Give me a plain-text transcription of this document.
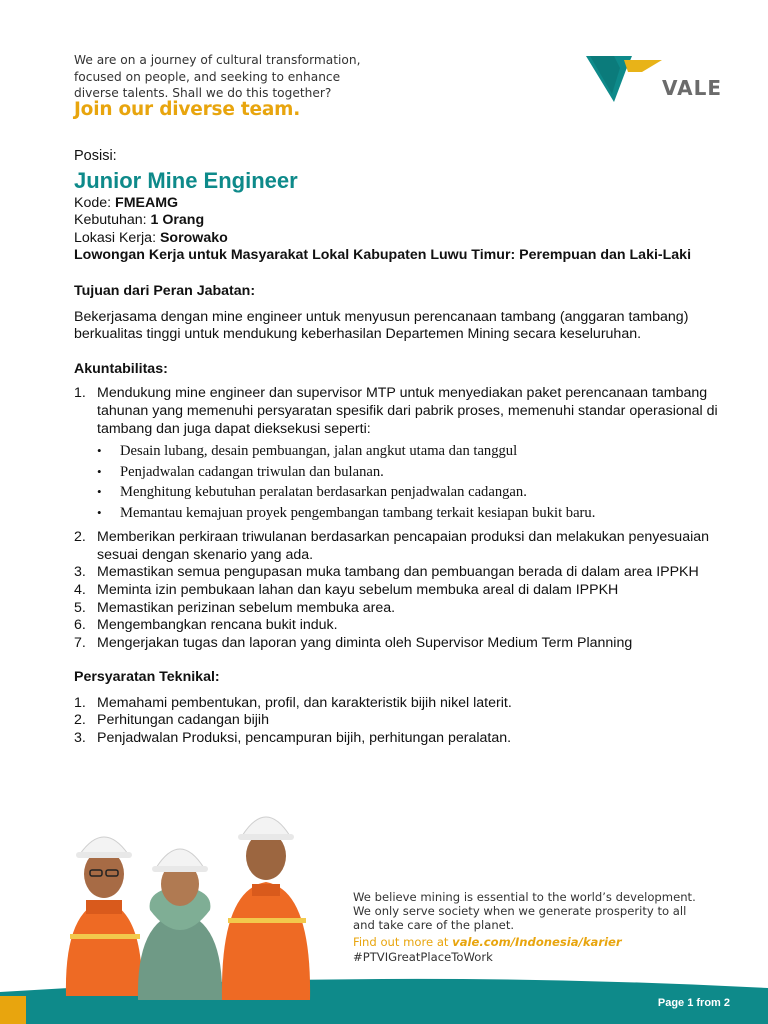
We are on a journey of cultural transformation,
focused on people, and seeking to enhance
diverse talents. Shall we do this together?
Join our diverse team.
VALE
Posisi:
Junior Mine Engineer
Kode: FMEAMG
Kebutuhan: 1 Orang
Lokasi Kerja: Sorowako
Lowongan Kerja untuk Masyarakat Lokal Kabupaten Luwu Timur: Perempuan dan Laki-Laki
Tujuan dari Peran Jabatan:

Bekerjasama dengan mine engineer untuk menyusun perencanaan tambang (anggaran tambang) berkualitas tinggi untuk mendukung keberhasilan Departemen Mining secara keseluruhan.

Akuntabilitas:
1. Mendukung mine engineer dan supervisor MTP untuk menyediakan paket perencanaan tambang tahunan yang memenuhi persyaratan spesifik dari pabrik proses, memenuhi standar operasional di tambang dan juga dapat dieksekusi seperti:
• Desain lubang, desain pembuangan, jalan angkut utama dan tanggul
• Penjadwalan cadangan triwulan dan bulanan.
• Menghitung kebutuhan peralatan berdasarkan penjadwalan cadangan.
• Memantau kemajuan proyek pengembangan tambang terkait kesiapan bukit baru.
2. Memberikan perkiraan triwulanan berdasarkan pencapaian produksi dan melakukan penyesuaian sesuai dengan skenario yang ada.
3. Memastikan semua pengupasan muka tambang dan pembuangan berada di dalam area IPPKH
4. Meminta izin pembukaan lahan dan kayu sebelum membuka areal di dalam IPPKH
5. Memastikan perizinan sebelum membuka area.
6. Mengembangkan rencana bukit induk.
7. Mengerjakan tugas dan laporan yang diminta oleh Supervisor Medium Term Planning
Persyaratan Teknikal:
1. Memahami pembentukan, profil, dan karakteristik bijih nikel laterit.
2. Perhitungan cadangan bijih
3. Penjadwalan Produksi, pencampuran bijih, perhitungan peralatan.
We believe mining is essential to the world’s development.
We only serve society when we generate prosperity to all
and take care of the planet.
Find out more at vale.com/Indonesia/karier
#PTVIGreatPlaceToWork
Page 1 from 2
